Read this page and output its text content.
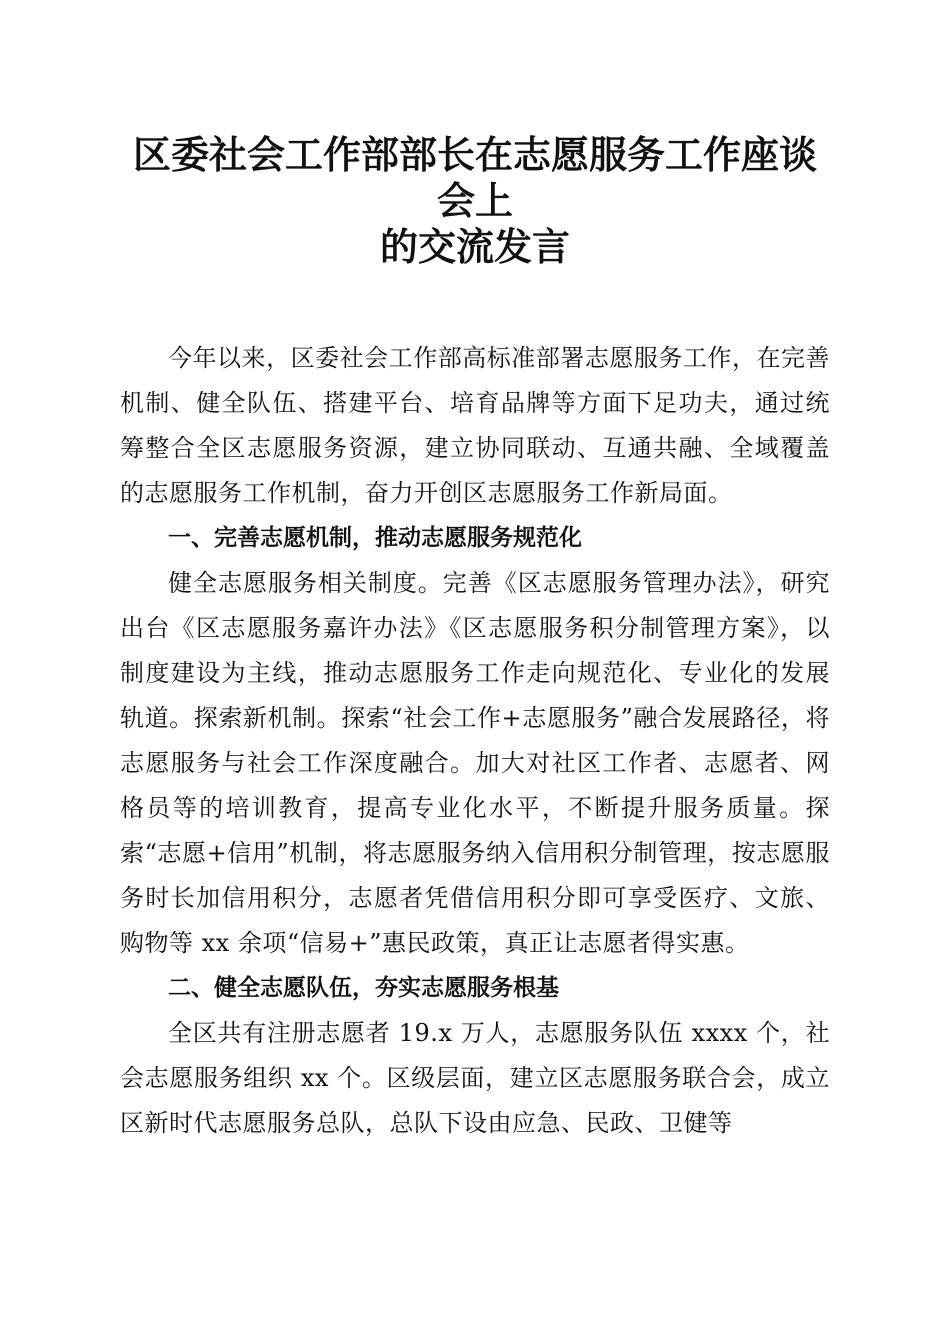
区委社会工作部部长在志愿服务工作座谈会上
的交流发言

今年以来，区委社会工作部高标准部署志愿服务工作，在完善机制、健全队伍、搭建平台、培育品牌等方面下足功夫，通过统筹整合全区志愿服务资源，建立协同联动、互通共融、全域覆盖的志愿服务工作机制，奋力开创区志愿服务工作新局面。

一、完善志愿机制，推动志愿服务规范化

健全志愿服务相关制度。完善《区志愿服务管理办法》，研究出台《区志愿服务嘉许办法》《区志愿服务积分制管理方案》，以制度建设为主线，推动志愿服务工作走向规范化、专业化的发展轨道。探索新机制。探索“社会工作+志愿服务”融合发展路径，将志愿服务与社会工作深度融合。加大对社区工作者、志愿者、网格员等的培训教育，提高专业化水平，不断提升服务质量。探索“志愿+信用”机制，将志愿服务纳入信用积分制管理，按志愿服务时长加信用积分，志愿者凭借信用积分即可享受医疗、文旅、购物等 xx 余项“信易+”惠民政策，真正让志愿者得实惠。

二、健全志愿队伍，夯实志愿服务根基

全区共有注册志愿者 19.x 万人，志愿服务队伍 xxxx 个，社会志愿服务组织 xx 个。区级层面，建立区志愿服务联合会，成立区新时代志愿服务总队，总队下设由应急、民政、卫健等
